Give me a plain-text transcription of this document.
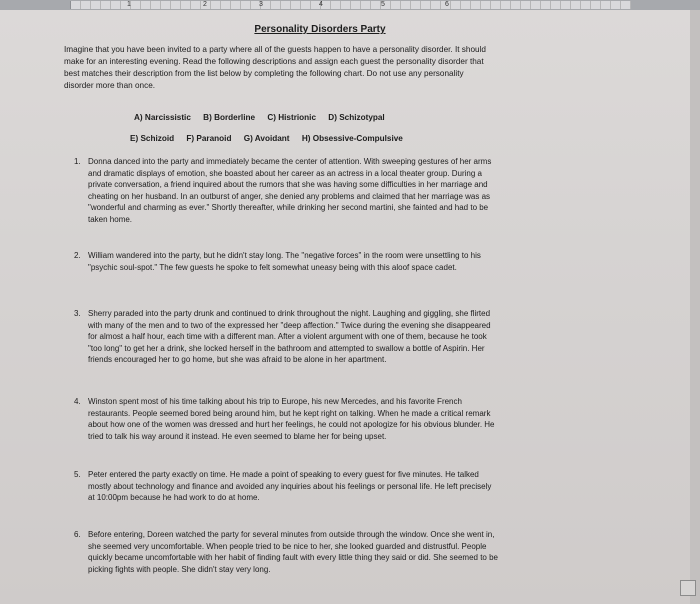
1	2	3	4	5	6
Personality Disorders Party
Imagine that you have been invited to a party where all of the guests happen to have a personality disorder. It should make for an interesting evening. Read the following descriptions and assign each guest the personality disorder that best matches their description from the list below by completing the following chart. Do not use any personality disorder more than once.
A) Narcissistic B) Borderline C) Histrionic D) Schizotypal
E) Schizoid F) Paranoid G) Avoidant H) Obsessive-Compulsive
1. Donna danced into the party and immediately became the center of attention. With sweeping gestures of her arms and dramatic displays of emotion, she boasted about her career as an actress in a local theater group. During a private conversation, a friend inquired about the rumors that she was having some difficulties in her marriage and cheating on her husband. In an outburst of anger, she denied any problems and claimed that her marriage was as "wonderful and charming as ever." Shortly thereafter, while drinking her second martini, she fainted and had to be taken home.
2. William wandered into the party, but he didn't stay long. The "negative forces" in the room were unsettling to his "psychic soul-spot." The few guests he spoke to felt somewhat uneasy being with this aloof space cadet.
3. Sherry paraded into the party drunk and continued to drink throughout the night. Laughing and giggling, she flirted with many of the men and to two of the expressed her "deep affection." Twice during the evening she disappeared for almost a half hour, each time with a different man. After a violent argument with one of them, because he took "too long" to get her a drink, she locked herself in the bathroom and attempted to swallow a bottle of Aspirin. Her friends encouraged her to go home, but she was afraid to be alone in her apartment.
4. Winston spent most of his time talking about his trip to Europe, his new Mercedes, and his favorite French restaurants. People seemed bored being around him, but he kept right on talking. When he made a critical remark about how one of the women was dressed and hurt her feelings, he could not apologize for his obvious blunder. He tried to talk his way around it instead. He even seemed to blame her for being upset.
5. Peter entered the party exactly on time. He made a point of speaking to every guest for five minutes. He talked mostly about technology and finance and avoided any inquiries about his feelings or personal life. He left precisely at 10:00pm because he had work to do at home.
6. Before entering, Doreen watched the party for several minutes from outside through the window. Once she went in, she seemed very uncomfortable. When people tried to be nice to her, she looked guarded and distrustful. People quickly became uncomfortable with her habit of finding fault with every little thing they said or did. She seemed to be picking fights with people. She didn't stay very long.
